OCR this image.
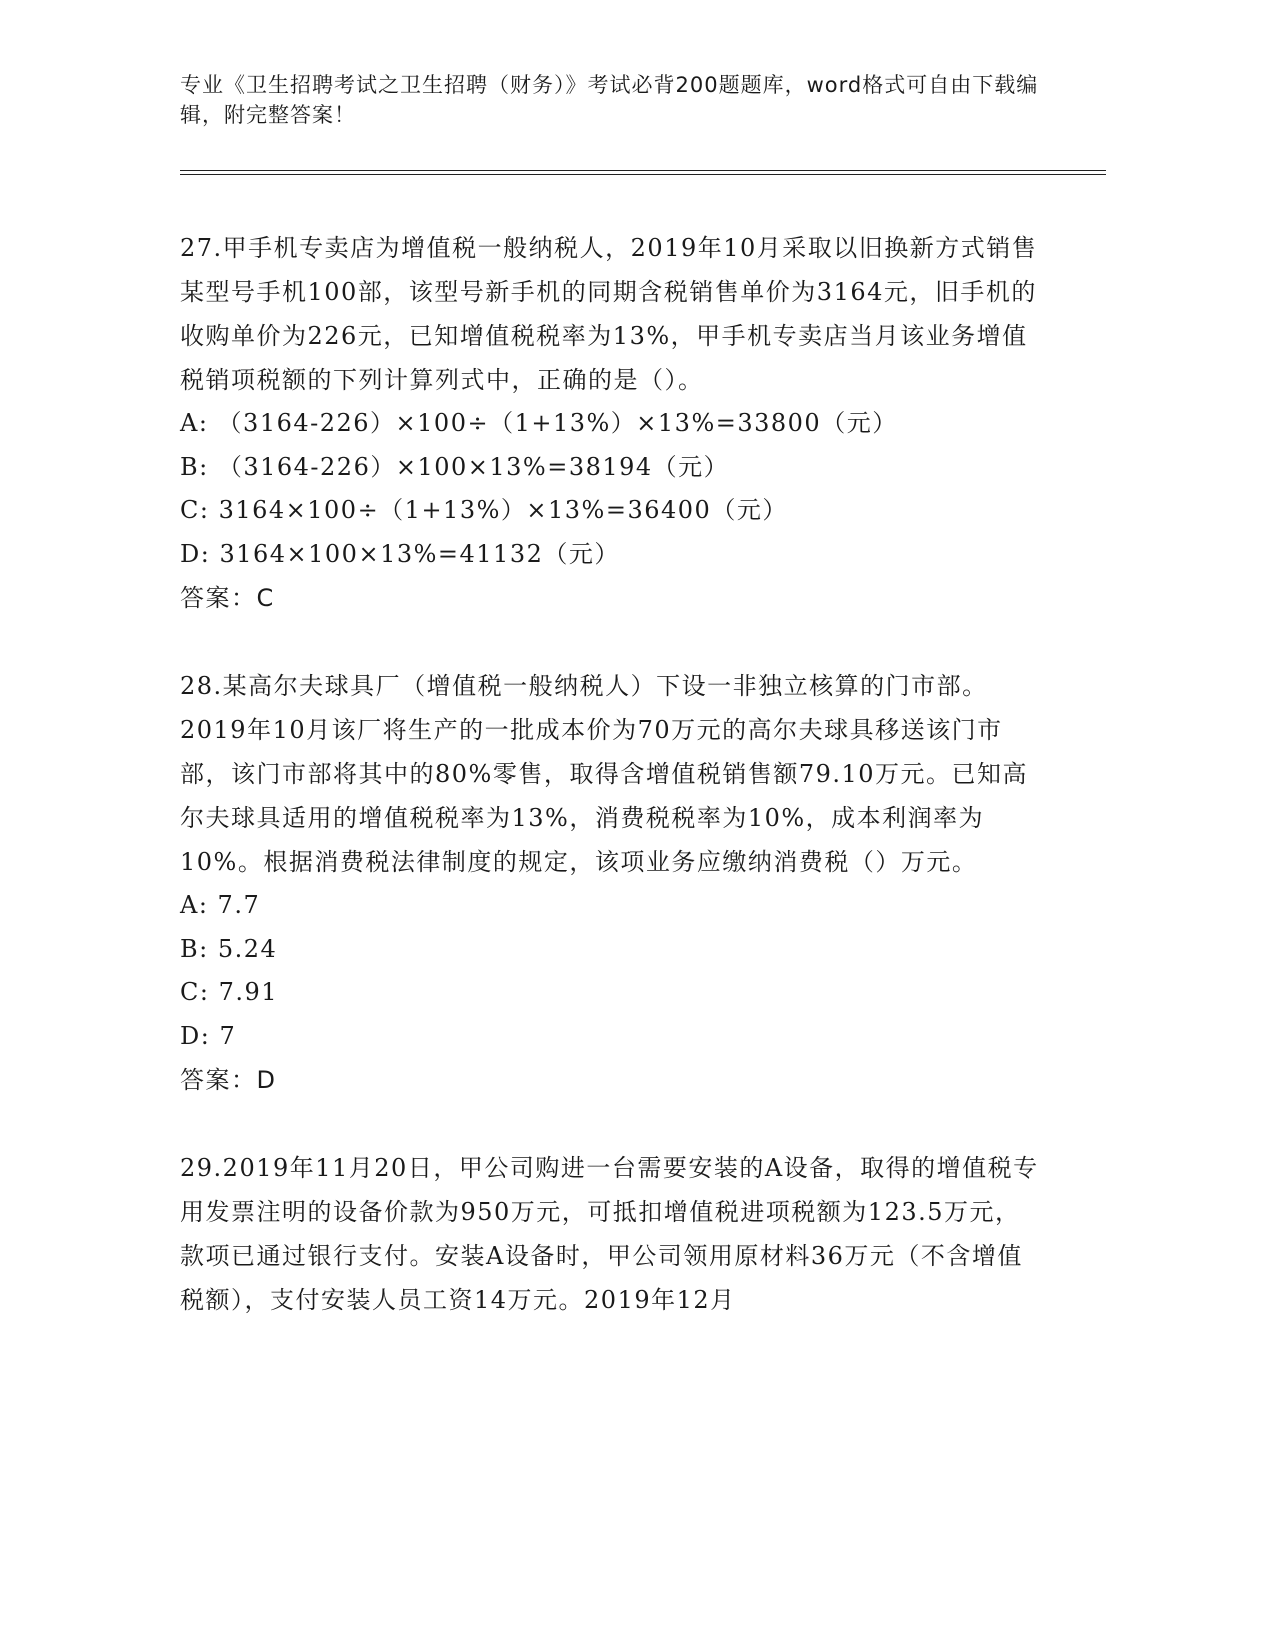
专业《卫生招聘考试之卫生招聘（财务）》考试必背200题题库，word格式可自由下载编辑，附完整答案！

27.甲手机专卖店为增值税一般纳税人，2019年10月采取以旧换新方式销售某型号手机100部，该型号新手机的同期含税销售单价为3164元，旧手机的收购单价为226元，已知增值税税率为13%，甲手机专卖店当月该业务增值税销项税额的下列计算列式中，正确的是（）。

A: （3164-226）×100÷（1+13%）×13%=33800（元）

B: （3164-226）×100×13%=38194（元）

C: 3164×100÷（1+13%）×13%=36400（元）

D: 3164×100×13%=41132（元）

答案：C

28.某高尔夫球具厂（增值税一般纳税人）下设一非独立核算的门市部。2019年10月该厂将生产的一批成本价为70万元的高尔夫球具移送该门市部，该门市部将其中的80%零售，取得含增值税销售额79.10万元。已知高尔夫球具适用的增值税税率为13%，消费税税率为10%，成本利润率为10%。根据消费税法律制度的规定，该项业务应缴纳消费税（）万元。

A: 7.7

B: 5.24

C: 7.91

D: 7

答案：D

29.2019年11月20日，甲公司购进一台需要安装的A设备，取得的增值税专用发票注明的设备价款为950万元，可抵扣增值税进项税额为123.5万元，款项已通过银行支付。安装A设备时，甲公司领用原材料36万元（不含增值税额），支付安装人员工资14万元。2019年12月
